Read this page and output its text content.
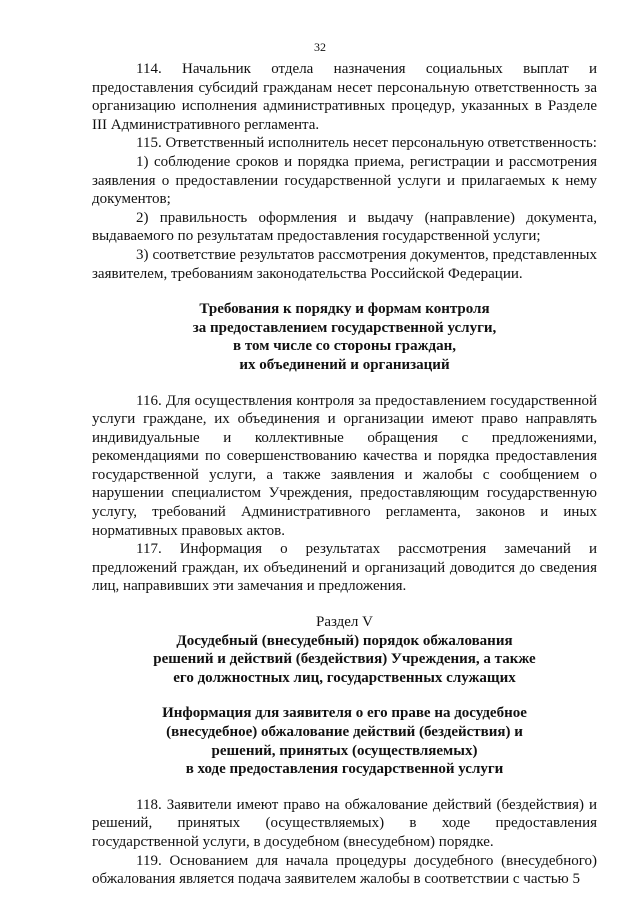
32

114. Начальник отдела назначения социальных выплат и предоставления субсидий гражданам несет персональную ответственность за организацию исполнения административных процедур, указанных в Разделе III Административного регламента.

115. Ответственный исполнитель несет персональную ответственность:

1) соблюдение сроков и порядка приема, регистрации и рассмотрения заявления о предоставлении государственной услуги и прилагаемых к нему документов;

2) правильность оформления и выдачу (направление) документа, выдаваемого по результатам предоставления государственной услуги;

3) соответствие результатов рассмотрения документов, представленных заявителем, требованиям законодательства Российской Федерации.

Требования к порядку и формам контроля

за предоставлением государственной услуги,

в том числе со стороны граждан,

их объединений и организаций

116. Для осуществления контроля за предоставлением государственной услуги граждане, их объединения и организации имеют право направлять индивидуальные и коллективные обращения с предложениями, рекомендациями по совершенствованию качества и порядка предоставления государственной услуги, а также заявления и жалобы с сообщением о нарушении специалистом Учреждения, предоставляющим государственную услугу, требований Административного регламента, законов и иных нормативных правовых актов.

117. Информация о результатах рассмотрения замечаний и предложений граждан, их объединений и организаций доводится до сведения лиц, направивших эти замечания и предложения.

Раздел V

Досудебный (внесудебный) порядок обжалования

решений и действий (бездействия) Учреждения, а также

его должностных лиц, государственных служащих

Информация для заявителя о его праве на досудебное

(внесудебное) обжалование действий (бездействия) и

решений, принятых (осуществляемых)

в ходе предоставления государственной услуги

118. Заявители имеют право на обжалование действий (бездействия) и решений, принятых (осуществляемых) в ходе предоставления государственной услуги, в досудебном (внесудебном) порядке.

119. Основанием для начала процедуры досудебного (внесудебного) обжалования является подача заявителем жалобы в соответствии с частью 5
